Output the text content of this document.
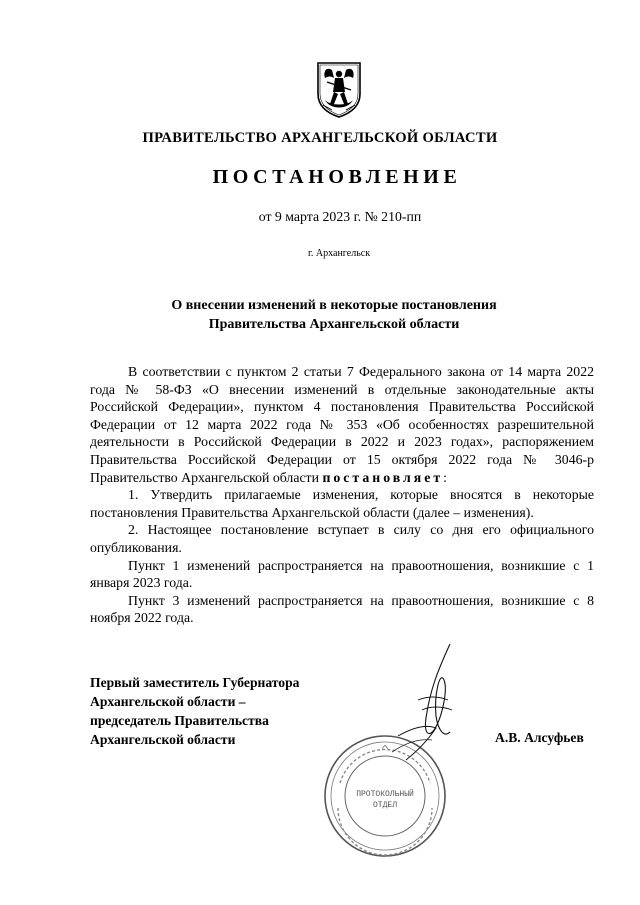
ПРАВИТЕЛЬСТВО АРХАНГЕЛЬСКОЙ ОБЛАСТИ
ПОСТАНОВЛЕНИЕ
от 9 марта 2023 г. № 210-пп
г. Архангельск
О внесении изменений в некоторые постановления
Правительства Архангельской области

В соответствии с пунктом 2 статьи 7 Федерального закона от 14 марта 2022 года № 58-ФЗ «О внесении изменений в отдельные законодательные акты Российской Федерации», пунктом 4 постановления Правительства Российской Федерации от 12 марта 2022 года № 353 «Об особенностях разрешительной деятельности в Российской Федерации в 2022 и 2023 годах», распоряжением Правительства Российской Федерации от 15 октября 2022 года № 3046-р Правительство Архангельской области постановляет:

1. Утвердить прилагаемые изменения, которые вносятся в некоторые постановления Правительства Архангельской области (далее – изменения).

2. Настоящее постановление вступает в силу со дня его официального опубликования.

Пункт 1 изменений распространяется на правоотношения, возникшие с 1 января 2023 года.

Пункт 3 изменений распространяется на правоотношения, возникшие с 8 ноября 2022 года.

ПРОТОКОЛЬНЫЙ
ОТДЕЛ
Первый заместитель Губернатора
Архангельской области –
председатель Правительства
Архангельской области	А.В. Алсуфьев
